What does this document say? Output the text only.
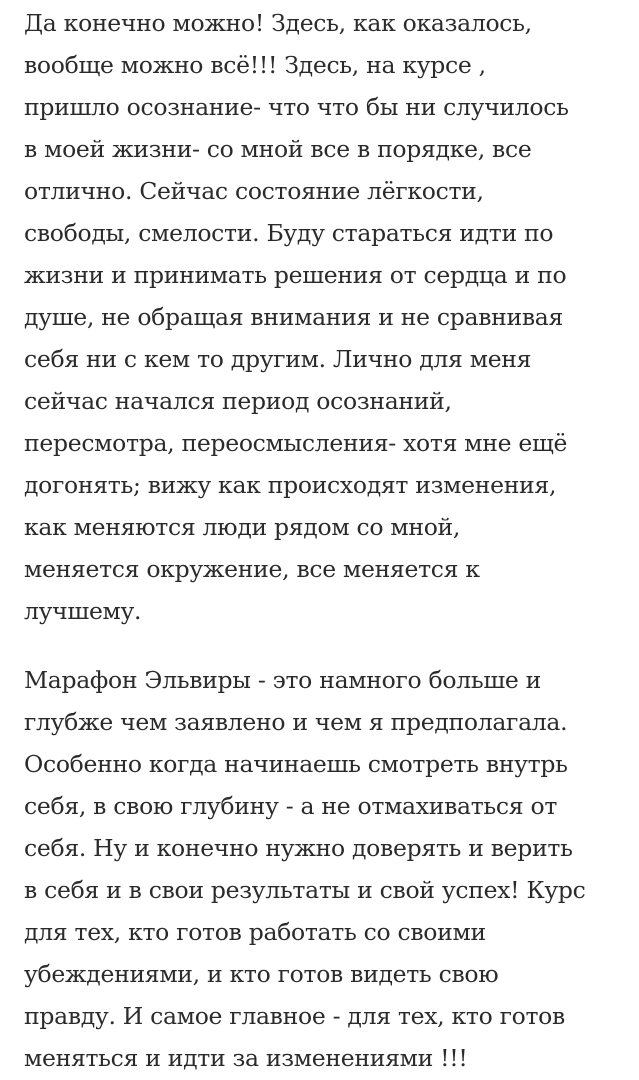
Да конечно можно! Здесь, как оказалось,
вообще можно всё!!! Здесь, на курсе ,
пришло осознание- что что бы ни случилось
в моей жизни- со мной все в порядке, все
отлично. Сейчас состояние лёгкости,
свободы, смелости. Буду стараться идти по
жизни и принимать решения от сердца и по
душе, не обращая внимания и не сравнивая
себя ни с кем то другим. Лично для меня
сейчас начался период осознаний,
пересмотра, переосмысления- хотя мне ещё
догонять; вижу как происходят изменения,
как меняются люди рядом со мной,
меняется окружение, все меняется к
лучшему.
Марафон Эльвиры - это намного больше и
глубже чем заявлено и чем я предполагала.
Особенно когда начинаешь смотреть внутрь
себя, в свою глубину - а не отмахиваться от
себя. Ну и конечно нужно доверять и верить
в себя и в свои результаты и свой успех! Курс
для тех, кто готов работать со своими
убеждениями, и кто готов видеть свою
правду. И самое главное - для тех, кто готов
меняться и идти за изменениями !!!
